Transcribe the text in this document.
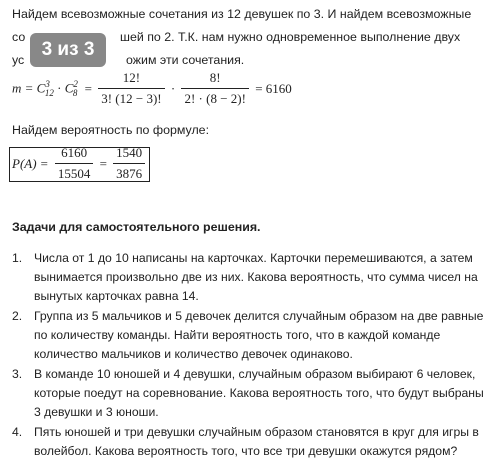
Найдем всевозможные сочетания из 12 девушек по 3. И найдем всевозможные
со	шей по 2. Т.К. нам нужно одновременное выполнение двух
ус	ожим эти сочетания.
3 из 3
$m = C^3_{12} \cdot C^2_8 = \frac{12!}{3! (12 - 3)!} \cdot \frac{8!}{2! \cdot (8 - 2)!} = 6160$
Найдем вероятность по формуле:
$P(A) = \frac{6160}{15504} = \frac{1540}{3876}$
Задачи для самостоятельного решения.
1. Числа от 1 до 10 написаны на карточках. Карточки перемешиваются, а затем
вынимается произвольно две из них. Какова вероятность, что сумма чисел на
вынутых карточках равна 14.
2. Группа из 5 мальчиков и 5 девочек делится случайным образом на две равные
по количеству команды. Найти вероятность того, что в каждой команде
количество мальчиков и количество девочек одинаково.
3. В команде 10 юношей и 4 девушки, случайным образом выбирают 6 человек,
которые поедут на соревнование. Какова вероятность того, что будут выбраны
3 девушки и 3 юноши.
4. Пять юношей и три девушки случайным образом становятся в круг для игры в
волейбол. Какова вероятность того, что все три девушки окажутся рядом?
